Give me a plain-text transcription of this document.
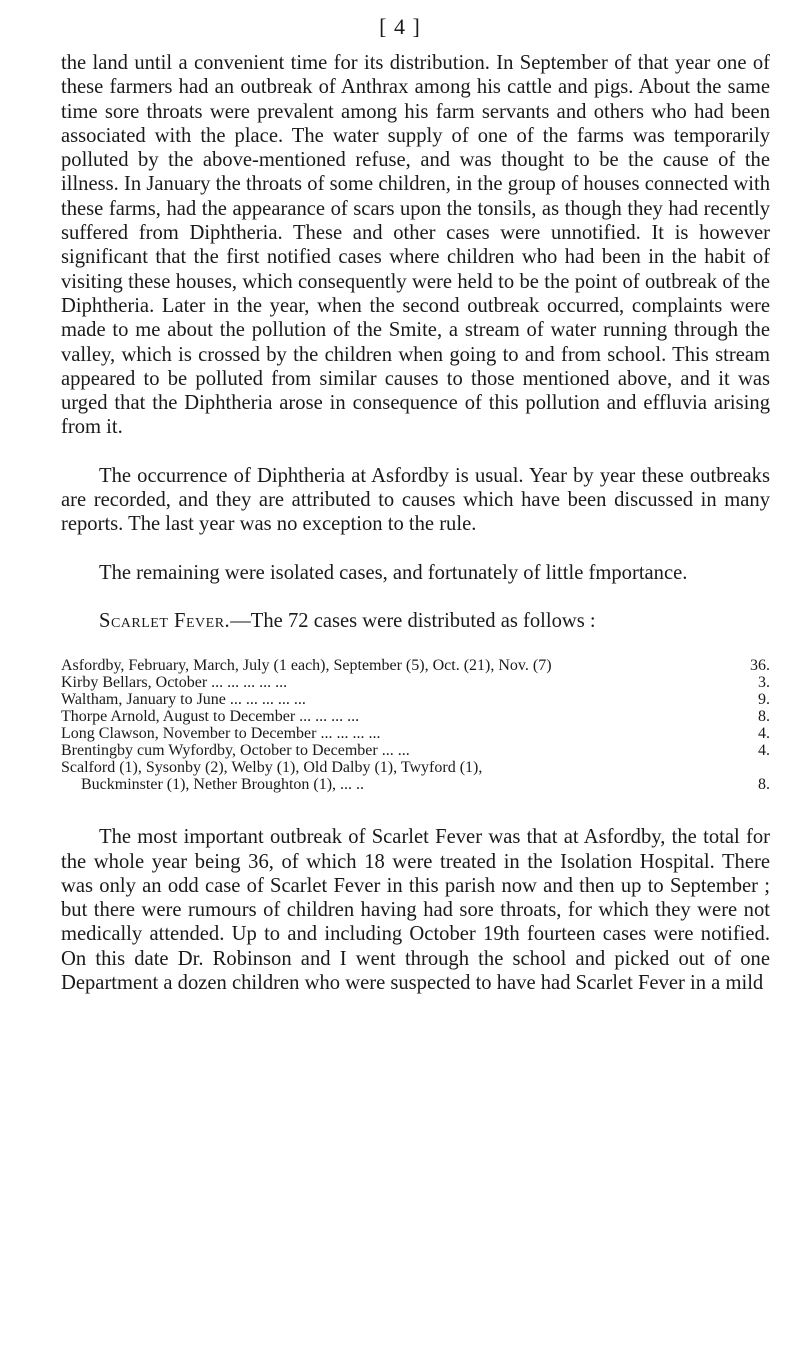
[ 4 ]

the land until a convenient time for its distribution. In September of that year one of these farmers had an outbreak of Anthrax among his cattle and pigs. About the same time sore throats were prevalent among his farm servants and others who had been associated with the place. The water supply of one of the farms was temporarily polluted by the above-mentioned refuse, and was thought to be the cause of the illness. In January the throats of some children, in the group of houses connected with these farms, had the appearance of scars upon the tonsils, as though they had recently suffered from Diphtheria. These and other cases were unnotified. It is however significant that the first notified cases where children who had been in the habit of visiting these houses, which consequently were held to be the point of outbreak of the Diphtheria. Later in the year, when the second outbreak occurred, complaints were made to me about the pollution of the Smite, a stream of water running through the valley, which is crossed by the children when going to and from school. This stream appeared to be polluted from similar causes to those mentioned above, and it was urged that the Diphtheria arose in consequence of this pollution and effluvia arising from it.

The occurrence of Diphtheria at Asfordby is usual. Year by year these outbreaks are recorded, and they are attributed to causes which have been discussed in many reports. The last year was no exception to the rule.

The remaining were isolated cases, and fortunately of little fmportance.

Scarlet Fever.—The 72 cases were distributed as follows :

Asfordby, February, March, July (1 each), September (5), Oct. (21), Nov. (7)	36.
Kirby Bellars, October ... ... ... ... ...	3.
Waltham, January to June ... ... ... ... ...	9.
Thorpe Arnold, August to December ... ... ... ...	8.
Long Clawson, November to December ... ... ... ...	4.
Brentingby cum Wyfordby, October to December ... ...	4.
Scalford (1), Sysonby (2), Welby (1), Old Dalby (1), Twyford (1),
Buckminster (1), Nether Broughton (1), ... ..	8.

The most important outbreak of Scarlet Fever was that at Asfordby, the total for the whole year being 36, of which 18 were treated in the Isolation Hospital. There was only an odd case of Scarlet Fever in this parish now and then up to September ; but there were rumours of children having had sore throats, for which they were not medically attended. Up to and including October 19th fourteen cases were notified. On this date Dr. Robinson and I went through the school and picked out of one Department a dozen children who were suspected to have had Scarlet Fever in a mild
